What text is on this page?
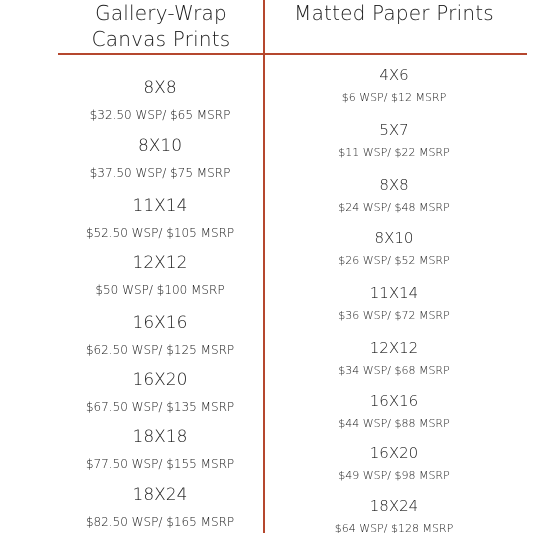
Gallery-Wrap
Canvas Prints
Matted Paper Prints
8X8
$32.50 WSP/ $65 MSRP
8X10
$37.50 WSP/ $75 MSRP
11X14
$52.50 WSP/ $105 MSRP
12X12
$50 WSP/ $100 MSRP
16X16
$62.50 WSP/ $125 MSRP
16X20
$67.50 WSP/ $135 MSRP
18X18
$77.50 WSP/ $155 MSRP
18X24
$82.50 WSP/ $165 MSRP
4X6
$6 WSP/ $12 MSRP
5X7
$11 WSP/ $22 MSRP
8X8
$24 WSP/ $48 MSRP
8X10
$26 WSP/ $52 MSRP
11X14
$36 WSP/ $72 MSRP
12X12
$34 WSP/ $68 MSRP
16X16
$44 WSP/ $88 MSRP
16X20
$49 WSP/ $98 MSRP
18X24
$64 WSP/ $128 MSRP
